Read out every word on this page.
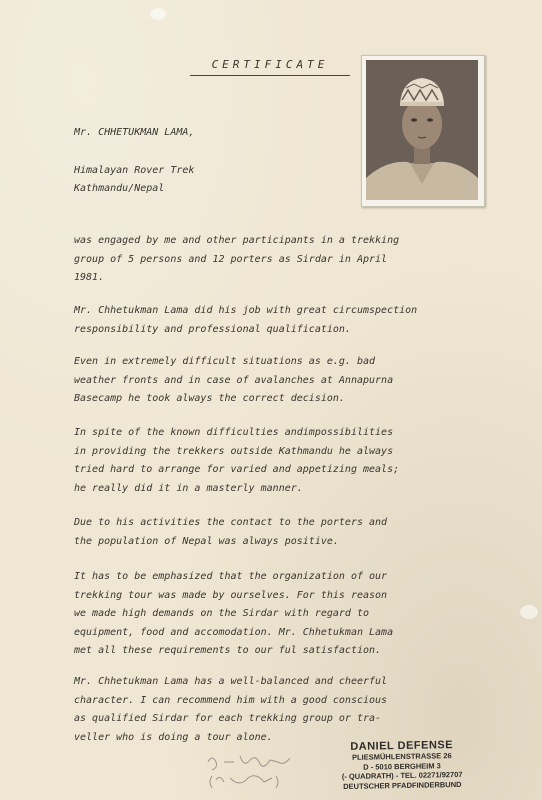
CERTIFICATE
Mr. CHHETUKMAN LAMA,
Himalayan Rover Trek
Kathmandu/Nepal
was engaged by me and other participants in a trekking
group of 5 persons and 12 porters as Sirdar in April
1981.
Mr. Chhetukman Lama did his job with great circumspection
responsibility and professional qualification.
Even in extremely difficult situations as e.g. bad
weather fronts and in case of avalanches at Annapurna
Basecamp he took always the correct decision.
In spite of the known difficulties andimpossibilities
in providing the trekkers outside Kathmandu he always
tried hard to arrange for varied and appetizing meals;
he really did it in a masterly manner.
Due to his activities the contact to the porters and
the population of Nepal was always positive.
It has to be emphasized that the organization of our
trekking tour was made by ourselves. For this reason
we made high demands on the Sirdar with regard to
equipment, food and accomodation. Mr. Chhetukman Lama
met all these requirements to our ful satisfaction.
Mr. Chhetukman Lama has a well-balanced and cheerful
character. I can recommend him with a good conscious
as qualified Sirdar for each trekking group or tra-
veller who is doing a tour alone.
DANIEL DEFENSE
PLIESMÜHLENSTRASSE 26
D - 5010 BERGHEIM 3
(- QUADRATH) - TEL. 02271/92707
DEUTSCHER PFADFINDERBUND
